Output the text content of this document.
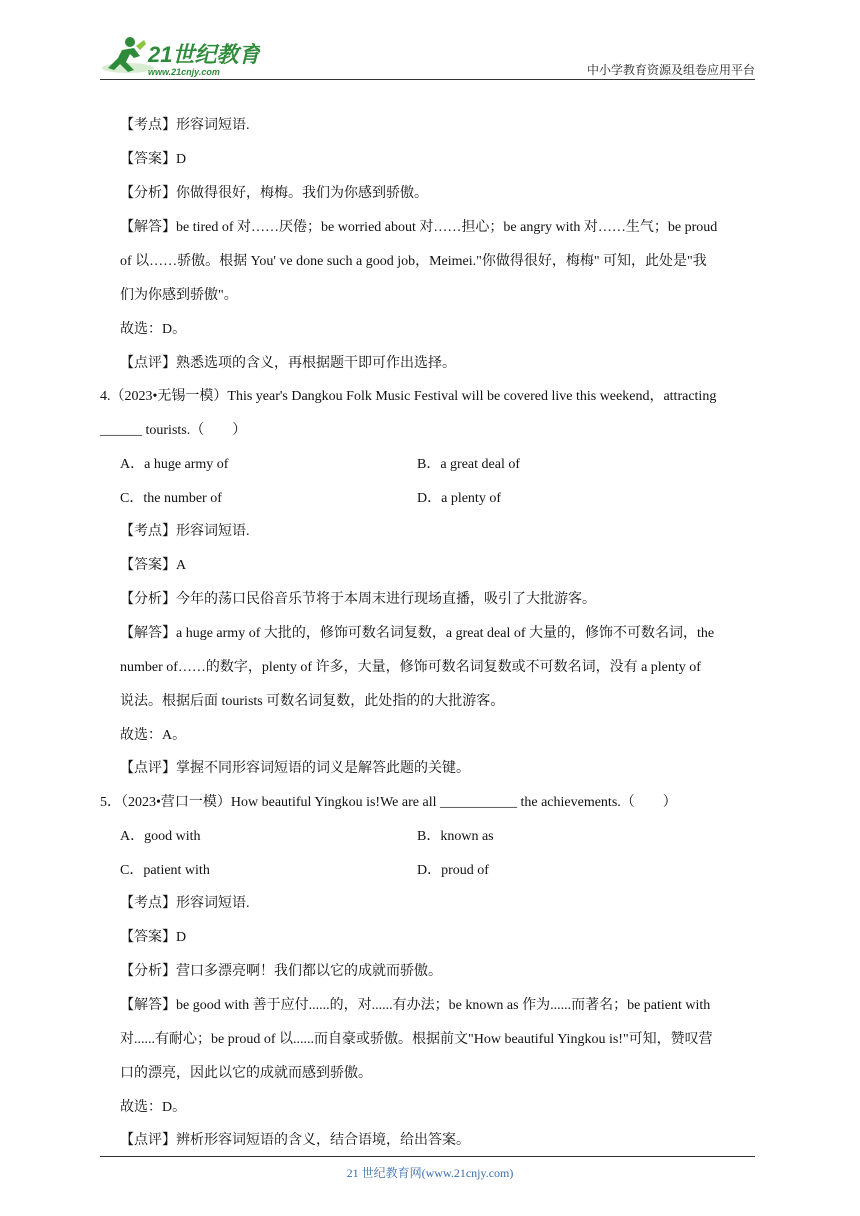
21世纪教育
www.21cnjy.com	中小学教育资源及组卷应用平台
【考点】形容词短语.
【答案】D
【分析】你做得很好，梅梅。我们为你感到骄傲。
【解答】be tired of 对……厌倦；be worried about 对……担心；be angry with 对……生气；be proud
of 以……骄傲。根据 You' ve done such a good job，Meimei."你做得很好，梅梅" 可知，此处是"我
们为你感到骄傲"。
故选：D。
【点评】熟悉选项的含义，再根据题干即可作出选择。
4.（2023•无锡一模）This year's Dangkou Folk Music Festival will be covered live this weekend，attracting
______ tourists.（　　）
A．a huge army of	B．a great deal of
C．the number of	D．a plenty of
【考点】形容词短语.
【答案】A
【分析】今年的荡口民俗音乐节将于本周末进行现场直播，吸引了大批游客。
【解答】a huge army of 大批的，修饰可数名词复数，a great deal of 大量的，修饰不可数名词，the
number of……的数字，plenty of 许多，大量，修饰可数名词复数或不可数名词，没有 a plenty of
说法。根据后面 tourists 可数名词复数，此处指的的大批游客。
故选：A。
【点评】掌握不同形容词短语的词义是解答此题的关键。
5．（2023•营口一模）How beautiful Yingkou is!We are all ___________ the achievements.（　　）
A．good with	B．known as
C．patient with	D．proud of
【考点】形容词短语.
【答案】D
【分析】营口多漂亮啊！我们都以它的成就而骄傲。
【解答】be good with 善于应付......的，对......有办法；be known as 作为......而著名；be patient with
对......有耐心；be proud of 以......而自豪或骄傲。根据前文"How beautiful Yingkou is!"可知，赞叹营
口的漂亮，因此以它的成就而感到骄傲。
故选：D。
【点评】辨析形容词短语的含义，结合语境，给出答案。
21 世纪教育网(www.21cnjy.com)
